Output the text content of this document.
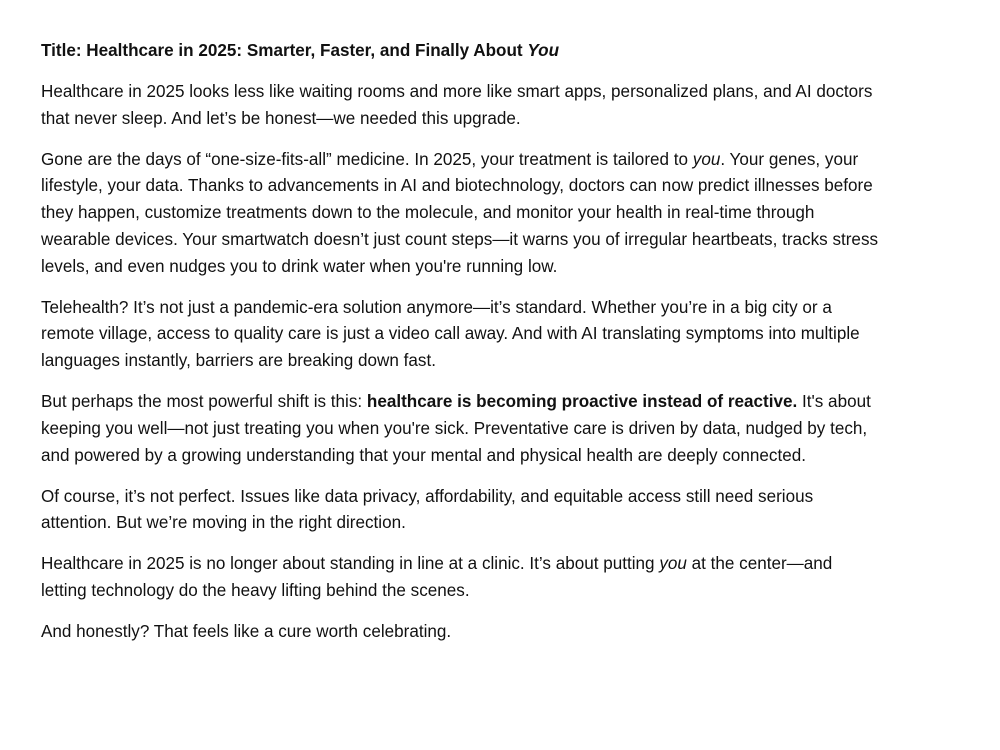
Title: Healthcare in 2025: Smarter, Faster, and Finally About You

Healthcare in 2025 looks less like waiting rooms and more like smart apps, personalized plans, and AI doctors that never sleep. And let’s be honest—we needed this upgrade.

Gone are the days of “one-size-fits-all” medicine. In 2025, your treatment is tailored to you. Your genes, your lifestyle, your data. Thanks to advancements in AI and biotechnology, doctors can now predict illnesses before they happen, customize treatments down to the molecule, and monitor your health in real-time through wearable devices. Your smartwatch doesn’t just count steps—it warns you of irregular heartbeats, tracks stress levels, and even nudges you to drink water when you're running low.

Telehealth? It’s not just a pandemic-era solution anymore—it’s standard. Whether you’re in a big city or a remote village, access to quality care is just a video call away. And with AI translating symptoms into multiple languages instantly, barriers are breaking down fast.

But perhaps the most powerful shift is this: healthcare is becoming proactive instead of reactive. It's about keeping you well—not just treating you when you're sick. Preventative care is driven by data, nudged by tech, and powered by a growing understanding that your mental and physical health are deeply connected.

Of course, it’s not perfect. Issues like data privacy, affordability, and equitable access still need serious attention. But we’re moving in the right direction.

Healthcare in 2025 is no longer about standing in line at a clinic. It’s about putting you at the center—and letting technology do the heavy lifting behind the scenes.

And honestly? That feels like a cure worth celebrating.
